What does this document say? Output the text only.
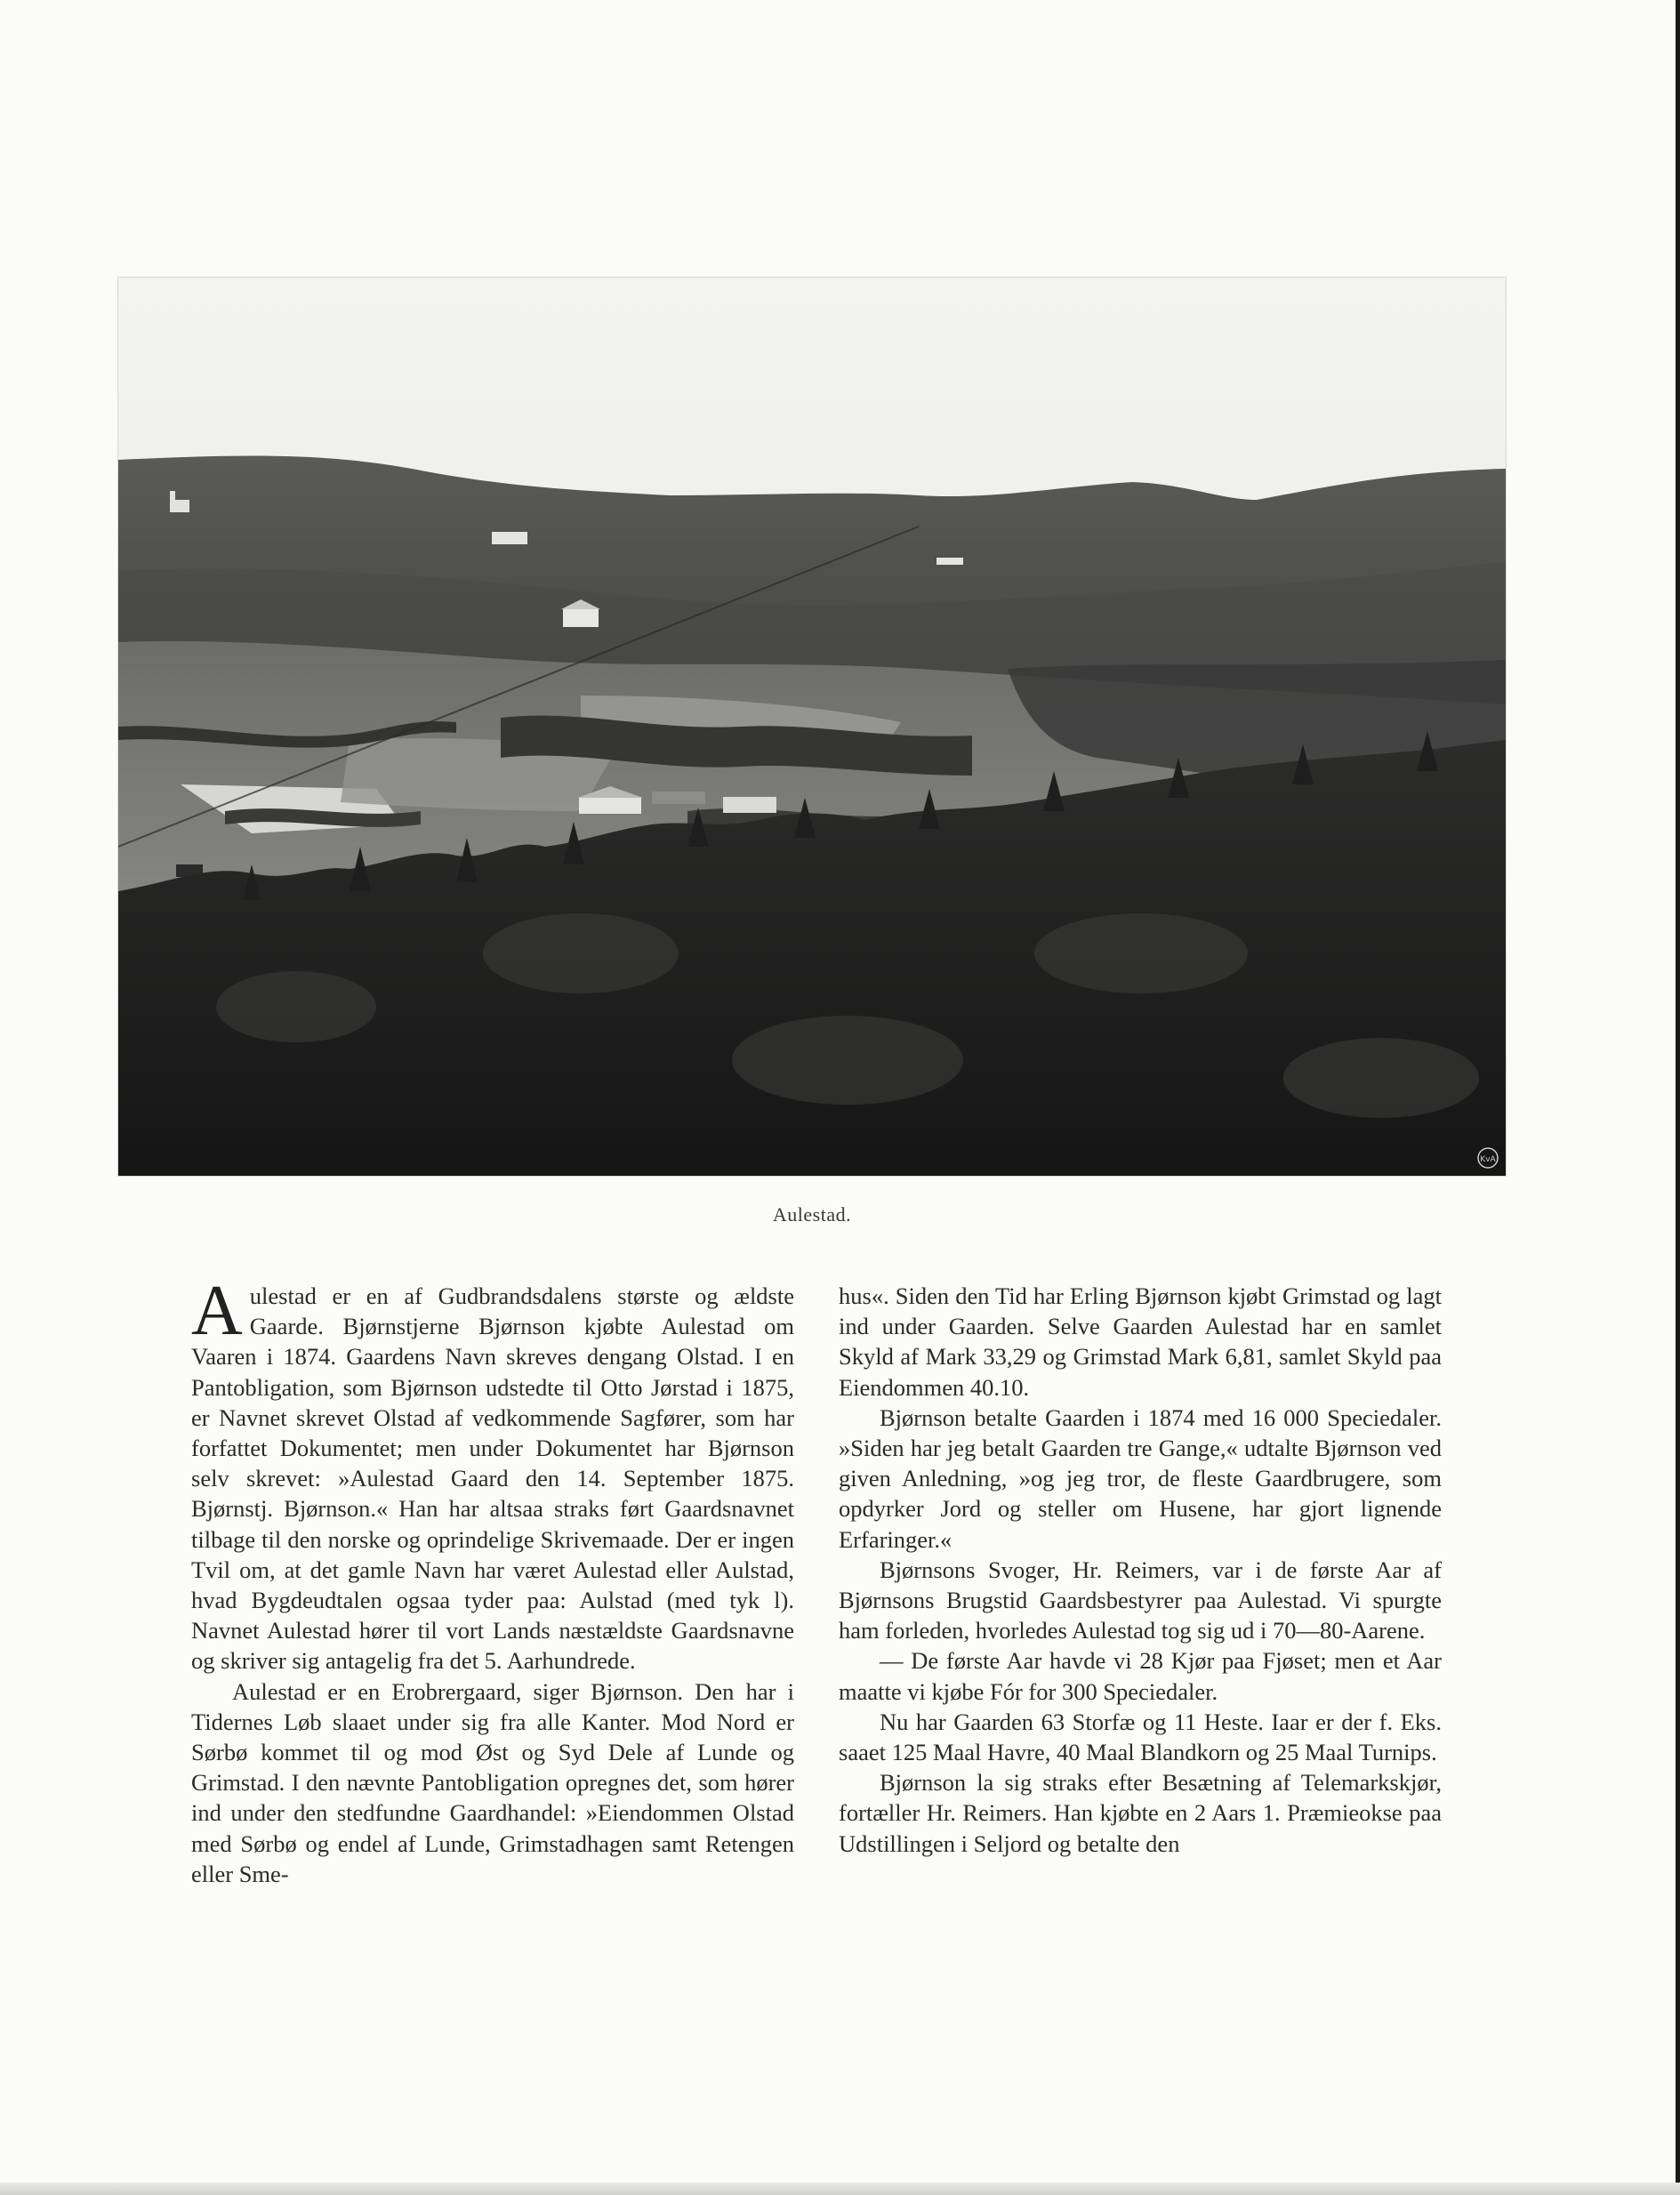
KvA
Aulestad.

Aulestad er en af Gudbrandsdalens største og ældste Gaarde. Bjørnstjerne Bjørnson kjøbte Aulestad om Vaaren i 1874. Gaardens Navn skreves dengang Olstad. I en Pantobligation, som Bjørnson udstedte til Otto Jørstad i 1875, er Navnet skrevet Olstad af vedkommende Sagfører, som har forfattet Dokumentet; men under Dokumentet har Bjørnson selv skrevet: »Aulestad Gaard den 14. September 1875. Bjørnstj. Bjørnson.« Han har altsaa straks ført Gaardsnavnet tilbage til den norske og oprindelige Skrivemaade. Der er ingen Tvil om, at det gamle Navn har været Aulestad eller Aulstad, hvad Bygdeudtalen ogsaa tyder paa: Aulstad (med tyk l). Navnet Aulestad hører til vort Lands næstældste Gaardsnavne og skriver sig antagelig fra det 5. Aarhundrede.

Aulestad er en Erobrergaard, siger Bjørnson. Den har i Tidernes Løb slaaet under sig fra alle Kanter. Mod Nord er Sørbø kommet til og mod Øst og Syd Dele af Lunde og Grimstad. I den nævnte Pantobligation opregnes det, som hører ind under den stedfundne Gaardhandel: »Eiendommen Olstad med Sørbø og endel af Lunde, Grimstadhagen samt Retengen eller Sme-

hus«. Siden den Tid har Erling Bjørnson kjøbt Grimstad og lagt ind under Gaarden. Selve Gaarden Aulestad har en samlet Skyld af Mark 33,29 og Grimstad Mark 6,81, samlet Skyld paa Eiendommen 40.10.

Bjørnson betalte Gaarden i 1874 med 16 000 Speciedaler. »Siden har jeg betalt Gaarden tre Gange,« udtalte Bjørnson ved given Anledning, »og jeg tror, de fleste Gaardbrugere, som opdyrker Jord og steller om Husene, har gjort lignende Erfaringer.«

Bjørnsons Svoger, Hr. Reimers, var i de første Aar af Bjørnsons Brugstid Gaardsbestyrer paa Aulestad. Vi spurgte ham forleden, hvorledes Aulestad tog sig ud i 70—80-Aarene.

— De første Aar havde vi 28 Kjør paa Fjøset; men et Aar maatte vi kjøbe Fór for 300 Speciedaler.

Nu har Gaarden 63 Storfæ og 11 Heste. Iaar er der f. Eks. saaet 125 Maal Havre, 40 Maal Blandkorn og 25 Maal Turnips.

Bjørnson la sig straks efter Besætning af Telemarkskjør, fortæller Hr. Reimers. Han kjøbte en 2 Aars 1. Præmieokse paa Udstillingen i Seljord og betalte den
